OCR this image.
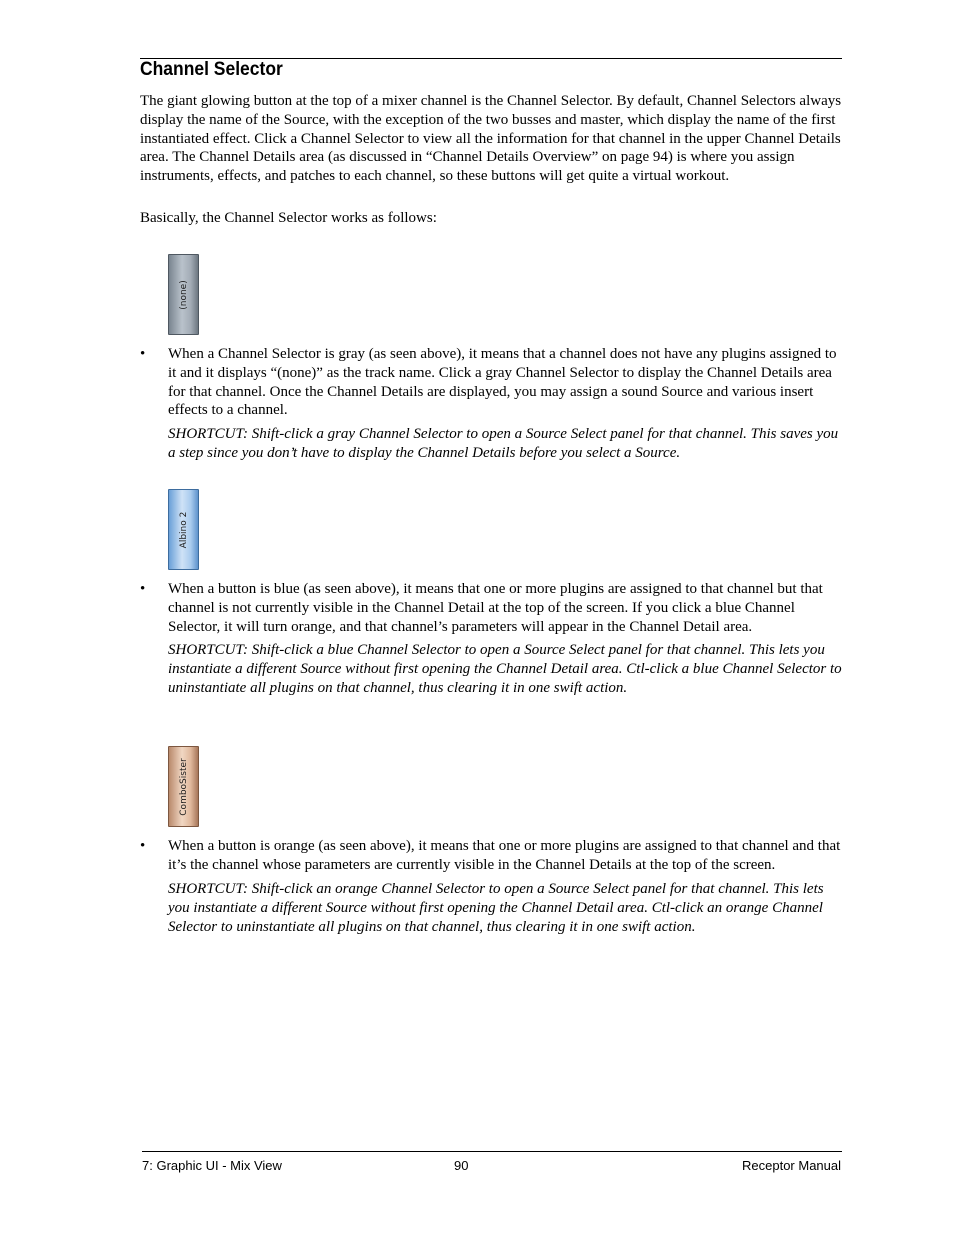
Channel Selector

The giant glowing button at the top of a mixer channel is the Channel Selector. By default, Channel Selectors always display the name of the Source, with the exception of the two busses and master, which display the name of the first instantiated effect. Click a Channel Selector to view all the information for that channel in the upper Channel Details area. The Channel Details area (as discussed in “Channel Details Overview” on page 94) is where you assign instruments, effects, and patches to each channel, so these buttons will get quite a virtual workout.

Basically, the Channel Selector works as follows:

(none)
• When a Channel Selector is gray (as seen above), it means that a channel does not have any plugins assigned to it and it displays “(none)” as the track name. Click a gray Channel Selector to display the Channel Details area for that channel. Once the Channel Details are displayed, you may assign a sound Source and various insert effects to a channel.

SHORTCUT: Shift-click a gray Channel Selector to open a Source Select panel for that channel. This saves you a step since you don’t have to display the Channel Details before you select a Source.

Albino 2
• When a button is blue (as seen above), it means that one or more plugins are assigned to that channel but that channel is not currently visible in the Channel Detail at the top of the screen. If you click a blue Channel Selector, it will turn orange, and that channel’s parameters will appear in the Channel Detail area.

SHORTCUT: Shift-click a blue Channel Selector to open a Source Select panel for that channel. This lets you instantiate a different Source without first opening the Channel Detail area. Ctl-click a blue Channel Selector to uninstantiate all plugins on that channel, thus clearing it in one swift action.

ComboSister
• When a button is orange (as seen above), it means that one or more plugins are assigned to that channel and that it’s the channel whose parameters are currently visible in the Channel Details at the top of the screen.

SHORTCUT: Shift-click an orange Channel Selector to open a Source Select panel for that channel. This lets you instantiate a different Source without first opening the Channel Detail area. Ctl-click an orange Channel Selector to uninstantiate all plugins on that channel, thus clearing it in one swift action.

7: Graphic UI - Mix View	90	Receptor Manual
